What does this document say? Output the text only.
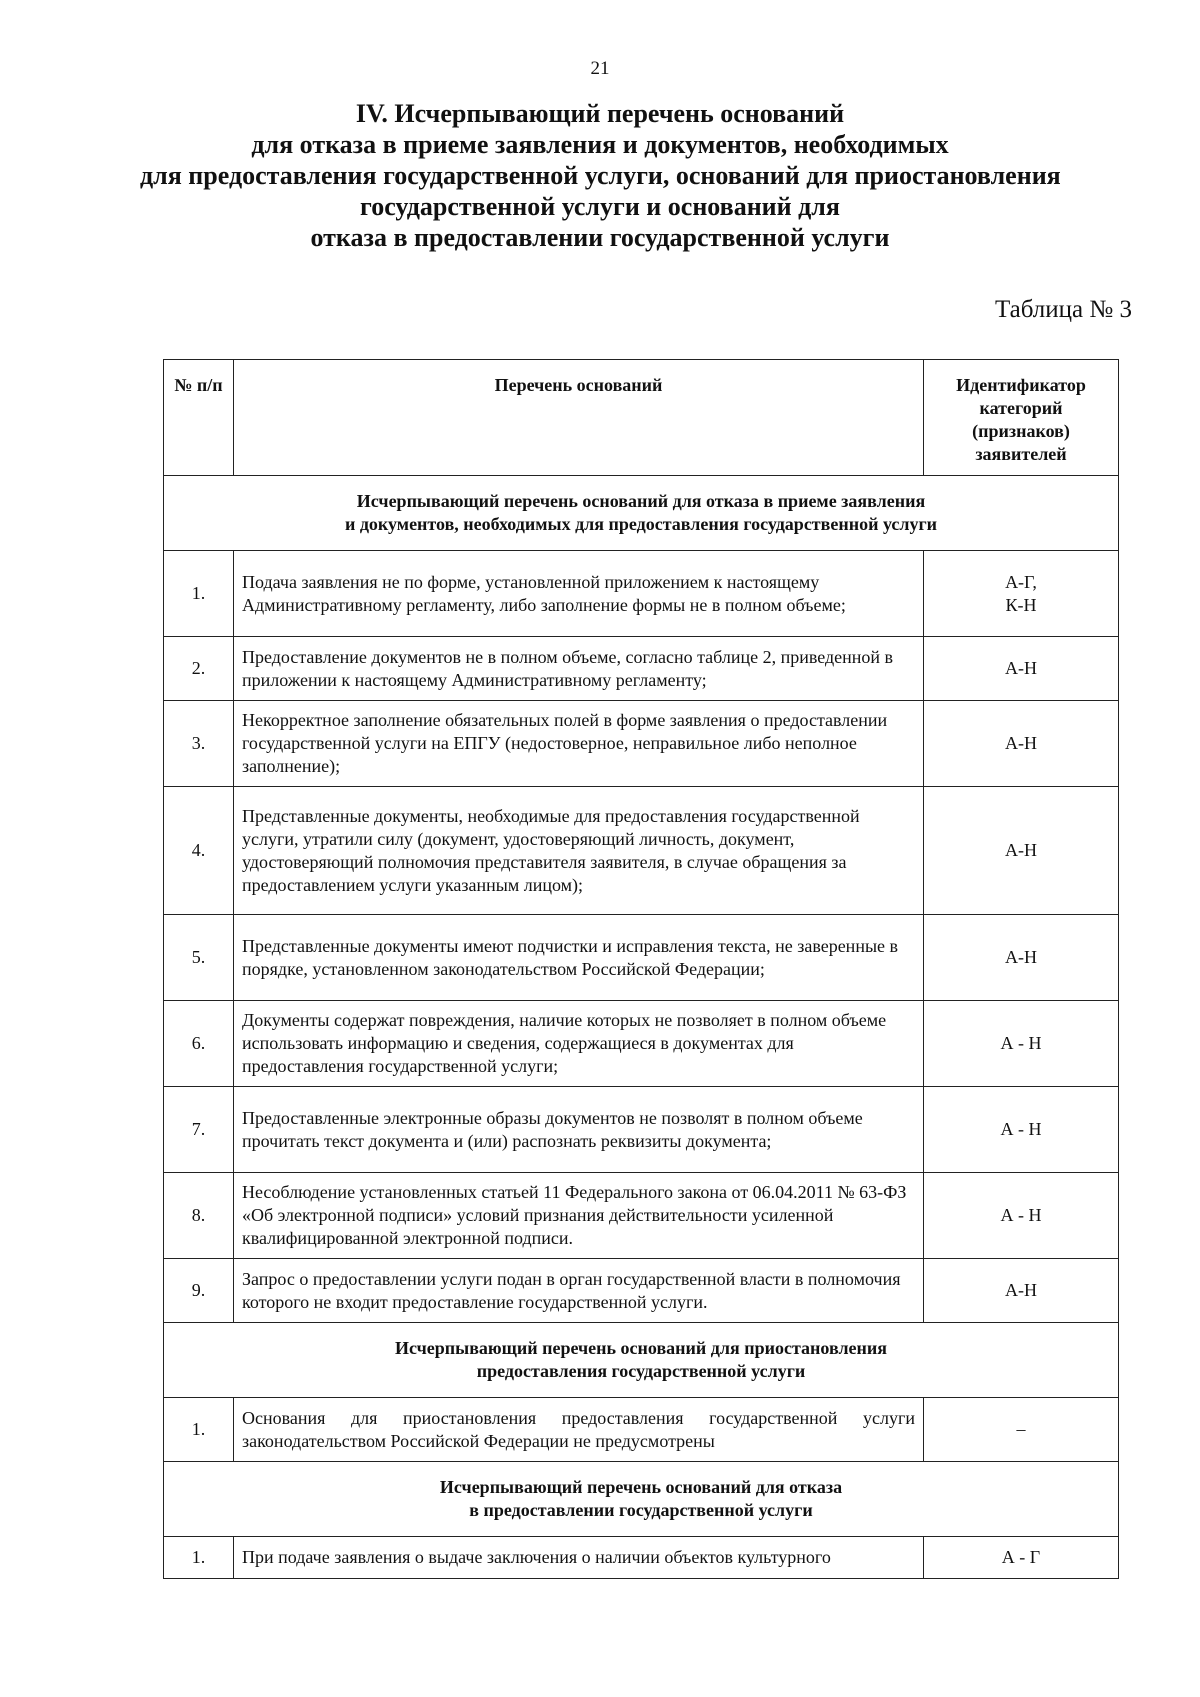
21
IV. Исчерпывающий перечень оснований
для отказа в приеме заявления и документов, необходимых
для предоставления государственной услуги, оснований для приостановления
государственной услуги и оснований для
отказа в предоставлении государственной услуги
Таблица № 3
№ п/п	Перечень оснований	Идентификатор
категорий
(признаков)
заявителей

Исчерпывающий перечень оснований для отказа в приеме заявления
и документов, необходимых для предоставления государственной услуги		

1.	Подача заявления не по форме, установленной приложением к настоящему Административному регламенту, либо заполнение формы не в полном объеме;	А-Г,
К-Н

2.	Предоставление документов не в полном объеме, согласно таблице 2, приведенной в приложении к настоящему Административному регламенту;	А-Н

3.	Некорректное заполнение обязательных полей в форме заявления о предоставлении государственной услуги на ЕПГУ (недостоверное, неправильное либо неполное заполнение);	А-Н

4.	Представленные документы, необходимые для предоставления государственной услуги, утратили силу (документ, удостоверяющий личность, документ, удостоверяющий полномочия представителя заявителя, в случае обращения за предоставлением услуги указанным лицом);	А-Н

5.	Представленные документы имеют подчистки и исправления текста, не заверенные в порядке, установленном законодательством Российской Федерации;	А-Н

6.	Документы содержат повреждения, наличие которых не позволяет в полном объеме использовать информацию и сведения, содержащиеся в документах для предоставления государственной услуги;	А - Н

7.	Предоставленные электронные образы документов не позволят в полном объеме прочитать текст документа и (или) распознать реквизиты документа;	А - Н

8.	Несоблюдение установленных статьей 11 Федерального закона от 06.04.2011 № 63-ФЗ «Об электронной подписи» условий признания действительности усиленной квалифицированной электронной подписи.	А - Н

9.	Запрос о предоставлении услуги подан в орган государственной власти в полномочия которого не входит предоставление государственной услуги.	А-Н

Исчерпывающий перечень оснований для приостановления
предоставления государственной услуги		

1.	Основания для приостановления предоставления государственной услуги законодательством Российской Федерации не предусмотрены	–

Исчерпывающий перечень оснований для отказа
в предоставлении государственной услуги		

1.	При подаче заявления о выдаче заключения о наличии объектов культурного	А - Г
